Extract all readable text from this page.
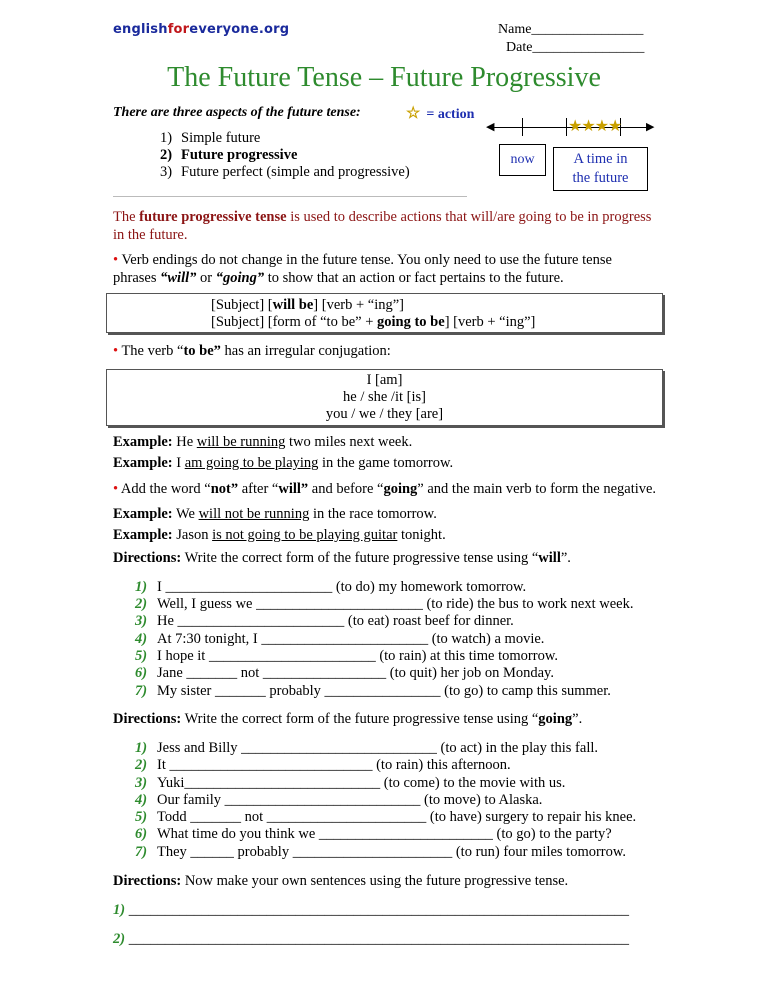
englishforeveryone.org	Name________________
Date________________
The Future Tense – Future Progressive
There are three aspects of the future tense:	☆ = action
1) Simple future
2) Future progressive
3) Future perfect (simple and progressive)
◀	▶
★★★★
now	A time in
the future
The future progressive tense is used to describe actions that will/are going to be in progress in the future.
• Verb endings do not change in the future tense. You only need to use the future tense phrases “will” or “going” to show that an action or fact pertains to the future.
[Subject] [will be] [verb + “ing”]
[Subject] [form of “to be” + going to be] [verb + “ing”]
• The verb “to be” has an irregular conjugation:
I [am]
he / she /it [is]
you / we / they [are]
Example: He will be running two miles next week.
Example: I am going to be playing in the game tomorrow.
• Add the word “not” after “will” and before “going” and the main verb to form the negative.
Example: We will not be running in the race tomorrow.
Example: Jason is not going to be playing guitar tonight.
Directions: Write the correct form of the future progressive tense using “will”.
1) I _______________________ (to do) my homework tomorrow.
2) Well, I guess we _______________________ (to ride) the bus to work next week.
3) He _______________________ (to eat) roast beef for dinner.
4) At 7:30 tonight, I _______________________ (to watch) a movie.
5) I hope it _______________________ (to rain) at this time tomorrow.
6) Jane _______ not _________________ (to quit) her job on Monday.
7) My sister _______ probably ________________ (to go) to camp this summer.
Directions: Write the correct form of the future progressive tense using “going”.
1) Jess and Billy ___________________________ (to act) in the play this fall.
2) It ____________________________ (to rain) this afternoon.
3) Yuki___________________________ (to come) to the movie with us.
4) Our family ___________________________ (to move) to Alaska.
5) Todd _______ not ______________________ (to have) surgery to repair his knee.
6) What time do you think we ________________________ (to go) to the party?
7) They ______ probably ______________________ (to run) four miles tomorrow.
Directions: Now make your own sentences using the future progressive tense.
1) _____________________________________________________________________
2) _____________________________________________________________________
